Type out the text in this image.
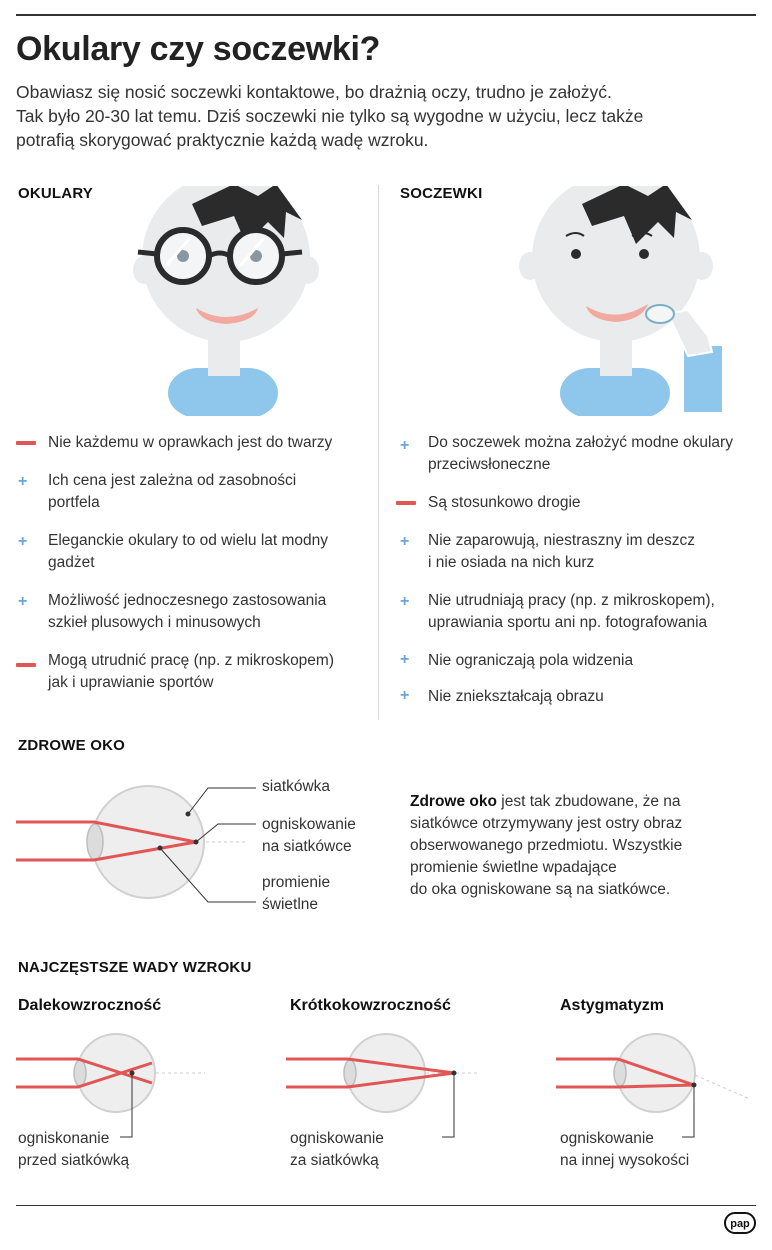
Okulary czy soczewki?

Obawiasz się nosić soczewki kontaktowe, bo drażnią oczy, trudno je założyć.
Tak było 20-30 lat temu. Dziś soczewki nie tylko są wygodne w użyciu, lecz także
potrafią skorygować praktycznie każdą wadę wzroku.

OKULARY	SOCZEWKI
Nie każdemu w oprawkach jest do twarzy
+
Ich cena jest zależna od zasobności
portfela
+
Eleganckie okulary to od wielu lat modny
gadżet
+
Możliwość jednoczesnego zastosowania
szkieł plusowych i minusowych
Mogą utrudnić pracę (np. z mikroskopem)
jak i uprawianie sportów
+
Do soczewek można założyć modne okulary
przeciwsłoneczne
Są stosunkowo drogie
+
Nie zaparowują, niestraszny im deszcz
i nie osiada na nich kurz
+
Nie utrudniają pracy (np. z mikroskopem),
uprawiania sportu ani np. fotografowania
+
Nie ograniczają pola widzenia
+
Nie zniekształcają obrazu
ZDROWE OKO
siatkówka
ogniskowanie
na siatkówce
promienie
świetlne
Zdrowe oko jest tak zbudowane, że na
siatkówce otrzymywany jest ostry obraz
obserwowanego przedmiotu. Wszystkie
promienie świetlne wpadające
do oka ogniskowane są na siatkówce.
NAJCZĘSTSZE WADY WZROKU
Dalekowzroczność	Krótkokowzroczność	Astygmatyzm
ogniskonanie
przed siatkówką
ogniskowanie
za siatkówką
ogniskowanie
na innej wysokości
pap
